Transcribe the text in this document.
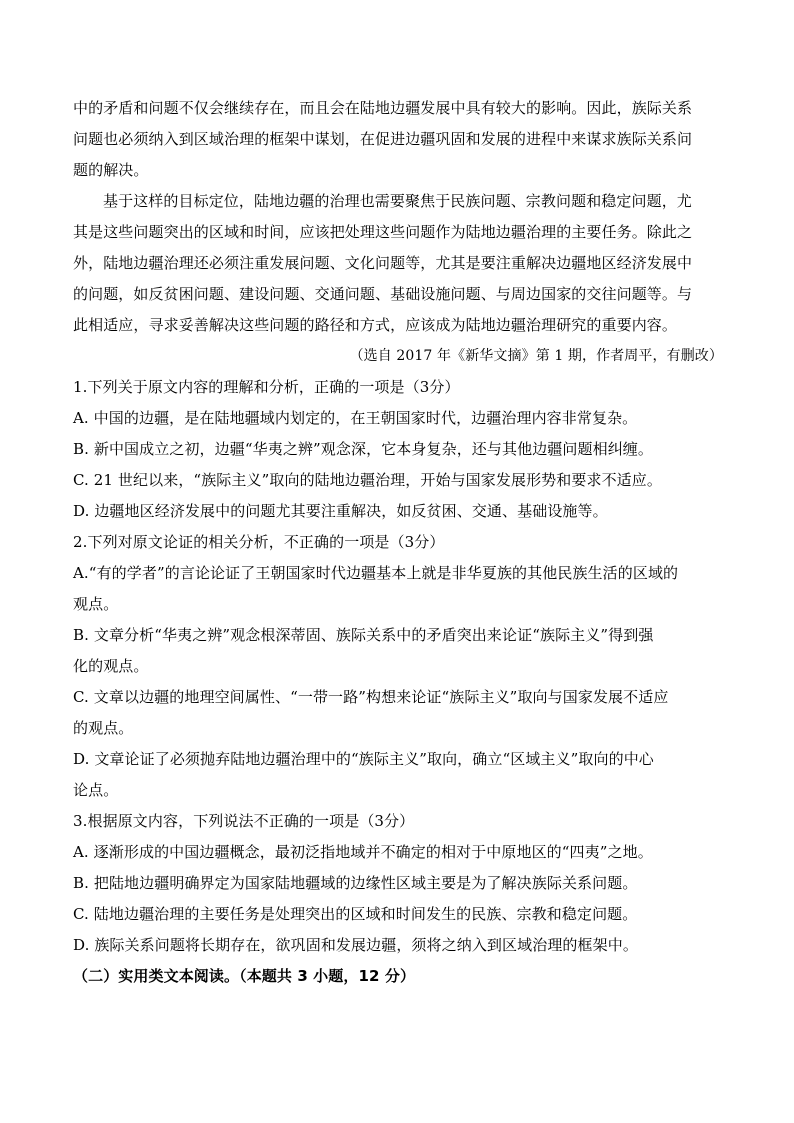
中的矛盾和问题不仅会继续存在，而且会在陆地边疆发展中具有较大的影响。因此，族际关系
问题也必须纳入到区域治理的框架中谋划，在促进边疆巩固和发展的进程中来谋求族际关系问
题的解决。
基于这样的目标定位，陆地边疆的治理也需要聚焦于民族问题、宗教问题和稳定问题，尤
其是这些问题突出的区域和时间，应该把处理这些问题作为陆地边疆治理的主要任务。除此之
外，陆地边疆治理还必须注重发展问题、文化问题等，尤其是要注重解决边疆地区经济发展中
的问题，如反贫困问题、建设问题、交通问题、基础设施问题、与周边国家的交往问题等。与
此相适应，寻求妥善解决这些问题的路径和方式，应该成为陆地边疆治理研究的重要内容。
（选自 2017 年《新华文摘》第 1 期，作者周平，有删改）
1.下列关于原文内容的理解和分析，正确的一项是（3分）
A. 中国的边疆，是在陆地疆域内划定的，在王朝国家时代，边疆治理内容非常复杂。
B. 新中国成立之初，边疆“华夷之辨”观念深，它本身复杂，还与其他边疆问题相纠缠。
C. 21 世纪以来，“族际主义”取向的陆地边疆治理，开始与国家发展形势和要求不适应。
D. 边疆地区经济发展中的问题尤其要注重解决，如反贫困、交通、基础设施等。
2.下列对原文论证的相关分析，不正确的一项是（3分）
A.“有的学者”的言论论证了王朝国家时代边疆基本上就是非华夏族的其他民族生活的区域的
观点。
B. 文章分析“华夷之辨”观念根深蒂固、族际关系中的矛盾突出来论证“族际主义”得到强
化的观点。
C. 文章以边疆的地理空间属性、“一带一路”构想来论证“族际主义”取向与国家发展不适应
的观点。
D. 文章论证了必须抛弃陆地边疆治理中的“族际主义”取向，确立“区域主义”取向的中心
论点。
3.根据原文内容，下列说法不正确的一项是（3分）
A. 逐渐形成的中国边疆概念，最初泛指地域并不确定的相对于中原地区的“四夷”之地。
B. 把陆地边疆明确界定为国家陆地疆域的边缘性区域主要是为了解决族际关系问题。
C. 陆地边疆治理的主要任务是处理突出的区域和时间发生的民族、宗教和稳定问题。
D. 族际关系问题将长期存在，欲巩固和发展边疆，须将之纳入到区域治理的框架中。
（二）实用类文本阅读。（本题共 3 小题，12 分）
